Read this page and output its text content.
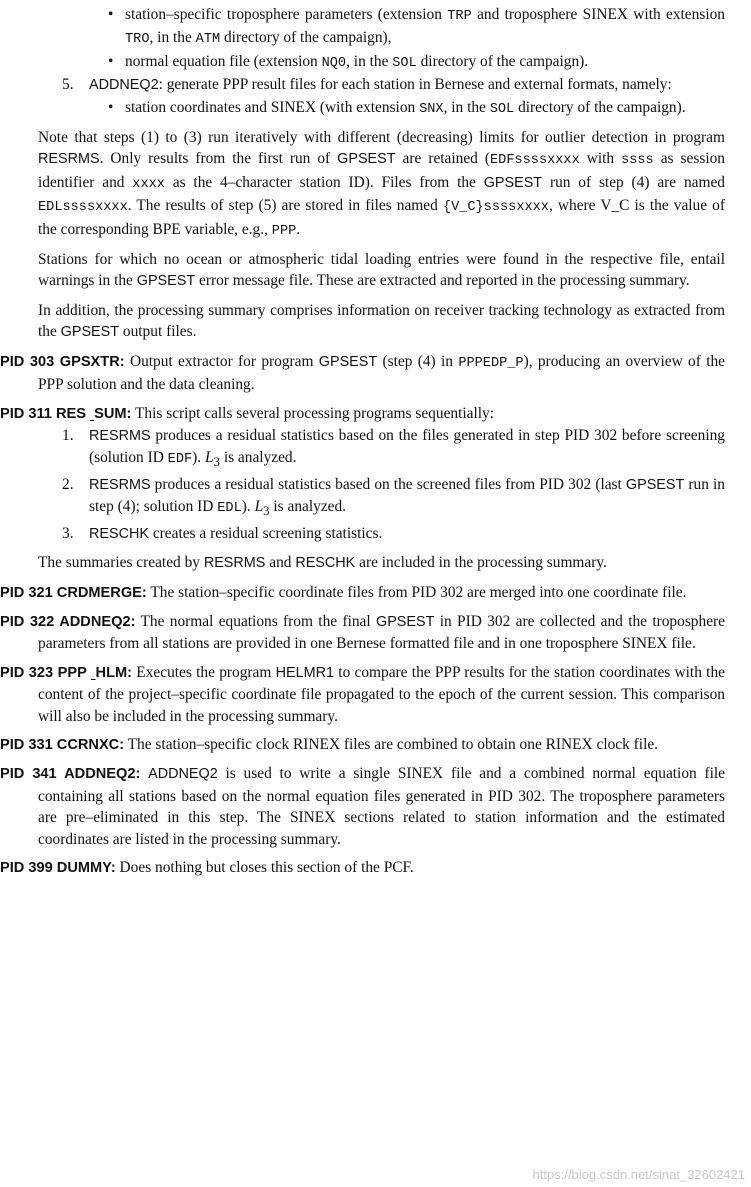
• station–specific troposphere parameters (extension TRP and troposphere SINEX with extension TRO, in the ATM directory of the campaign),
• normal equation file (extension NQ0, in the SOL directory of the campaign).
5. ADDNEQ2: generate PPP result files for each station in Bernese and external formats, namely:
• station coordinates and SINEX (with extension SNX, in the SOL directory of the campaign).

Note that steps (1) to (3) run iteratively with different (decreasing) limits for outlier detection in program RESRMS. Only results from the first run of GPSEST are retained (EDFssssxxxx with ssss as session identifier and xxxx as the 4–character station ID). Files from the GPSEST run of step (4) are named EDLssssxxxx. The results of step (5) are stored in files named {V_C}ssssxxxx, where V_C is the value of the corresponding BPE variable, e.g., PPP.

Stations for which no ocean or atmospheric tidal loading entries were found in the respective file, entail warnings in the GPSEST error message file. These are extracted and reported in the processing summary.

In addition, the processing summary comprises information on receiver tracking technology as extracted from the GPSEST output files.

PID 303 GPSXTR: Output extractor for program GPSEST (step (4) in PPPEDP_P), producing an overview of the PPP solution and the data cleaning.

PID 311 RES SUM: This script calls several processing programs sequentially:

1. RESRMS produces a residual statistics based on the files generated in step PID 302 before screening (solution ID EDF). $L_3$ is analyzed.
2. RESRMS produces a residual statistics based on the screened files from PID 302 (last GPSEST run in step (4); solution ID EDL). $L_3$ is analyzed.
3. RESCHK creates a residual screening statistics.

The summaries created by RESRMS and RESCHK are included in the processing summary.

PID 321 CRDMERGE: The station–specific coordinate files from PID 302 are merged into one coordinate file.

PID 322 ADDNEQ2: The normal equations from the final GPSEST in PID 302 are collected and the troposphere parameters from all stations are provided in one Bernese formatted file and in one troposphere SINEX file.

PID 323 PPP HLM: Executes the program HELMR1 to compare the PPP results for the station coordinates with the content of the project–specific coordinate file propagated to the epoch of the current session. This comparison will also be included in the processing summary.

PID 331 CCRNXC: The station–specific clock RINEX files are combined to obtain one RINEX clock file.

PID 341 ADDNEQ2: ADDNEQ2 is used to write a single SINEX file and a combined normal equation file containing all stations based on the normal equation files generated in PID 302. The troposphere parameters are pre–eliminated in this step. The SINEX sections related to station information and the estimated coordinates are listed in the processing summary.

PID 399 DUMMY: Does nothing but closes this section of the PCF.

https://blog.csdn.net/sinat_32602421
